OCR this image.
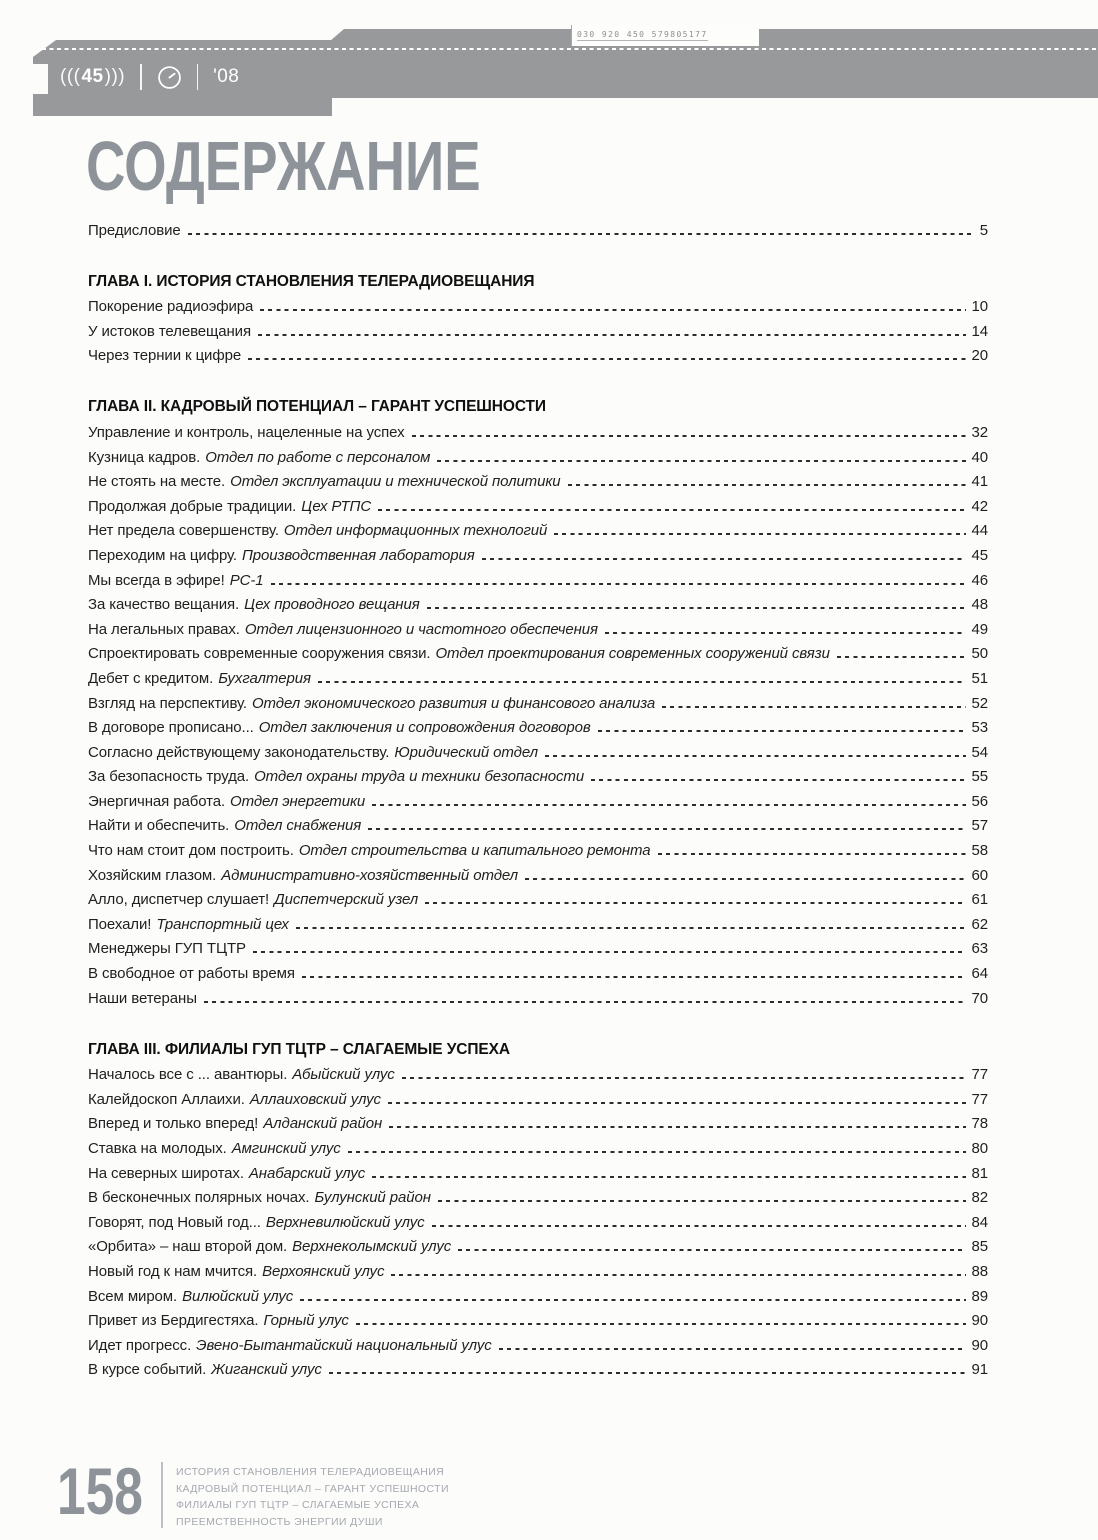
((( 45 )))	'08
030 920 450 579805177
СОДЕРЖАНИЕ
Предисловие	5
ГЛАВА I. ИСТОРИЯ СТАНОВЛЕНИЯ ТЕЛЕРАДИОВЕЩАНИЯ
Покорение радиоэфира	10
У истоков телевещания	14
Через тернии к цифре	20
ГЛАВА II. КАДРОВЫЙ ПОТЕНЦИАЛ – ГАРАНТ УСПЕШНОСТИ
Управление и контроль, нацеленные на успех	32
Кузница кадров. Отдел по работе с персоналом	40
Не стоять на месте. Отдел эксплуатации и технической политики	41
Продолжая добрые традиции. Цех РТПС	42
Нет предела совершенству. Отдел информационных технологий	44
Переходим на цифру. Производственная лаборатория	45
Мы всегда в эфире! РС-1	46
За качество вещания. Цех проводного вещания	48
На легальных правах. Отдел лицензионного и частотного обеспечения	49
Спроектировать современные сооружения связи. Отдел проектирования современных сооружений связи	50
Дебет с кредитом. Бухгалтерия	51
Взгляд на перспективу. Отдел экономического развития и финансового анализа	52
В договоре прописано... Отдел заключения и сопровождения договоров	53
Согласно действующему законодательству. Юридический отдел	54
За безопасность труда. Отдел охраны труда и техники безопасности	55
Энергичная работа. Отдел энергетики	56
Найти и обеспечить. Отдел снабжения	57
Что нам стоит дом построить. Отдел строительства и капитального ремонта	58
Хозяйским глазом. Административно-хозяйственный отдел	60
Алло, диспетчер слушает! Диспетчерский узел	61
Поехали! Транспортный цех	62
Менеджеры ГУП ТЦТР	63
В свободное от работы время	64
Наши ветераны	70
ГЛАВА III. ФИЛИАЛЫ ГУП ТЦТР – СЛАГАЕМЫЕ УСПЕХА
Началось все с ... авантюры. Абыйский улус	77
Калейдоскоп Аллаихи. Аллаиховский улус	77
Вперед и только вперед! Алданский район	78
Ставка на молодых. Амгинский улус	80
На северных широтах. Анабарский улус	81
В бесконечных полярных ночах. Булунский район	82
Говорят, под Новый год... Верхневилюйский улус	84
«Орбита» – наш второй дом. Верхнеколымский улус	85
Новый год к нам мчится. Верхоянский улус	88
Всем миром. Вилюйский улус	89
Привет из Бердигестяха. Горный улус	90
Идет прогресс. Эвено-Бытантайский национальный улус	90
В курсе событий. Жиганский улус	91
158	ИСТОРИЯ СТАНОВЛЕНИЯ ТЕЛЕРАДИОВЕЩАНИЯ
КАДРОВЫЙ ПОТЕНЦИАЛ – ГАРАНТ УСПЕШНОСТИ
ФИЛИАЛЫ ГУП ТЦТР – СЛАГАЕМЫЕ УСПЕХА
ПРЕЕМСТВЕННОСТЬ ЭНЕРГИИ ДУШИ
